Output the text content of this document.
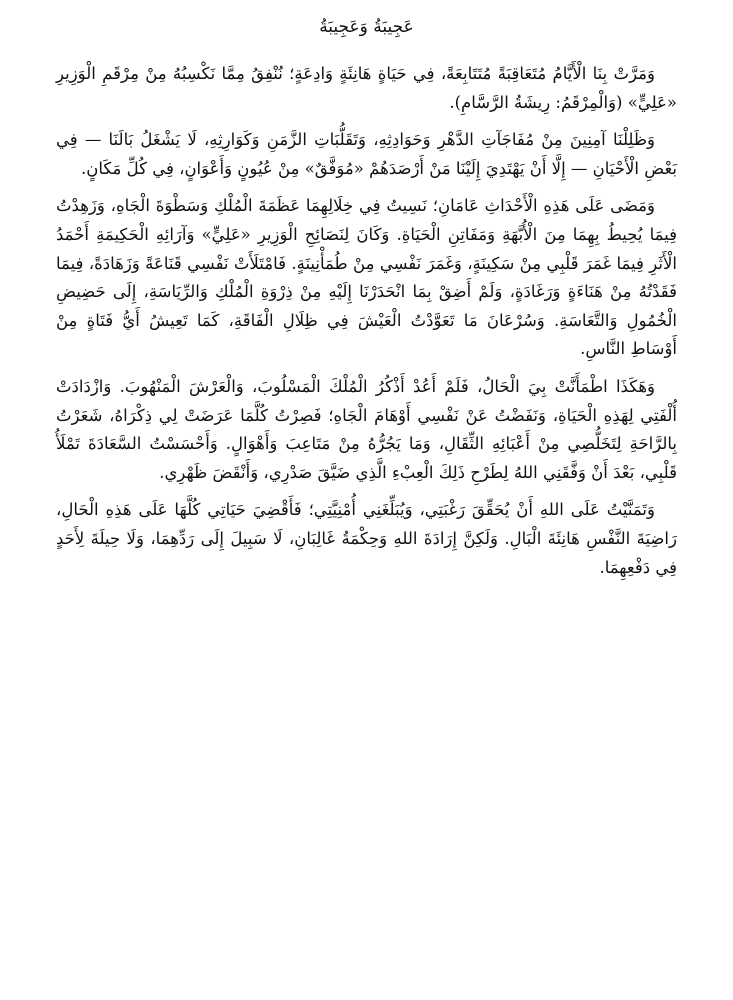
عَجِيبَةُ وَعَجِيبَةُ

وَمَرَّتْ بِنَا الْأَيَّامُ مُتَعَاقِبَةً مُتَتَابِعَةً، فِي حَيَاةٍ هَانِئَةٍ وَادِعَةٍ؛ نُنْفِقُ مِمَّا نَكْسِبُهُ مِنْ مِرْقَمِ الْوَزِيرِ «عَلِيٍّ» (وَالْمِرْقَمُ: رِيشَةُ الرَّسَّامِ).

وَظَلِلْنَا آمِنِينَ مِنْ مُفَاجَآتِ الدَّهْرِ وَحَوَادِثِهِ، وَتَقَلُّبَاتِ الزَّمَنِ وَكَوَارِثِهِ، لَا يَشْغَلُ بَالَنَا — فِي بَعْضِ الْأَحْيَانِ — إِلَّا أَنْ يَهْتَدِيَ إِلَيْنَا مَنْ أَرْصَدَهُمْ «مُوَفَّقٌ» مِنْ عُيُونٍ وَأَعْوَانٍ، فِي كُلِّ مَكَانٍ.

وَمَضَى عَلَى هَذِهِ الْأَحْدَاثِ عَامَانِ؛ نَسِيتُ فِي خِلَالِهِمَا عَظَمَةَ الْمُلْكِ وَسَطْوَةَ الْجَاهِ، وَزَهِدْتُ فِيمَا يُحِيطُ بِهِمَا مِنَ الْأُبَّهَةِ وَمَفَاتِنِ الْحَيَاةِ. وَكَانَ لِنَصَائِحِ الْوَزِيرِ «عَلِيٍّ» وَآرَائِهِ الْحَكِيمَةِ أَحْمَدُ الْأَثَرِ فِيمَا غَمَرَ قَلْبِي مِنْ سَكِينَةٍ، وَغَمَرَ نَفْسِي مِنْ طُمَأْنِينَةٍ. فَامْتَلَأَتْ نَفْسِي قَنَاعَةً وَزَهَادَةً، فِيمَا فَقَدْتُهُ مِنْ هَنَاءَةٍ وَرَغَادَةٍ، وَلَمْ أَضِقْ بِمَا انْحَدَرْنَا إِلَيْهِ مِنْ ذِرْوَةِ الْمُلْكِ وَالرِّيَاسَةِ، إِلَى حَضِيضِ الْخُمُولِ وَالتَّعَاسَةِ. وَسُرْعَانَ مَا تَعَوَّدْتُ الْعَيْشَ فِي ظِلَالِ الْفَاقَةِ، كَمَا تَعِيشُ أَيُّ فَتَاةٍ مِنْ أَوْسَاطِ النَّاسِ.

وَهَكَذَا اطْمَأَنَّتْ بِيَ الْحَالُ، فَلَمْ أَعُدْ أَذْكُرُ الْمُلْكَ الْمَسْلُوبَ، وَالْعَرْشَ الْمَنْهُوبَ. وَازْدَادَتْ أُلْفَتِي لِهَذِهِ الْحَيَاةِ، وَنَفَضْتُ عَنْ نَفْسِي أَوْهَامَ الْجَاهِ؛ فَصِرْتُ كُلَّمَا عَرَضَتْ لِي ذِكْرَاهُ، شَعَرْتُ بِالرَّاحَةِ لِتَخَلُّصِي مِنْ أَعْبَائِهِ الثِّقَالِ، وَمَا يَجُرُّهُ مِنْ مَتَاعِبَ وَأَهْوَالٍ. وَأَحْسَسْتُ السَّعَادَةَ تَمْلَأُ قَلْبِي، بَعْدَ أَنْ وَفَّقَنِي اللهُ لِطَرْحِ ذَلِكَ الْعِبْءِ الَّذِي ضَيَّقَ صَدْرِي، وَأَنْقَضَ ظَهْرِي.

وَتَمَنَّيْتُ عَلَى اللهِ أَنْ يُحَقِّقَ رَغْبَتِي، وَيُبَلِّغَنِي أُمْنِيَّتِي؛ فَأَقْضِيَ حَيَاتِي كُلَّهَا عَلَى هَذِهِ الْحَالِ، رَاضِيَةَ النَّفْسِ هَانِئَةَ الْبَالِ. وَلَكِنَّ إِرَادَةَ اللهِ وَحِكْمَةُ غَالِبَانِ، لَا سَبِيلَ إِلَى رَدِّهِمَا، وَلَا حِيلَةَ لِأَحَدٍ فِي دَفْعِهِمَا.
